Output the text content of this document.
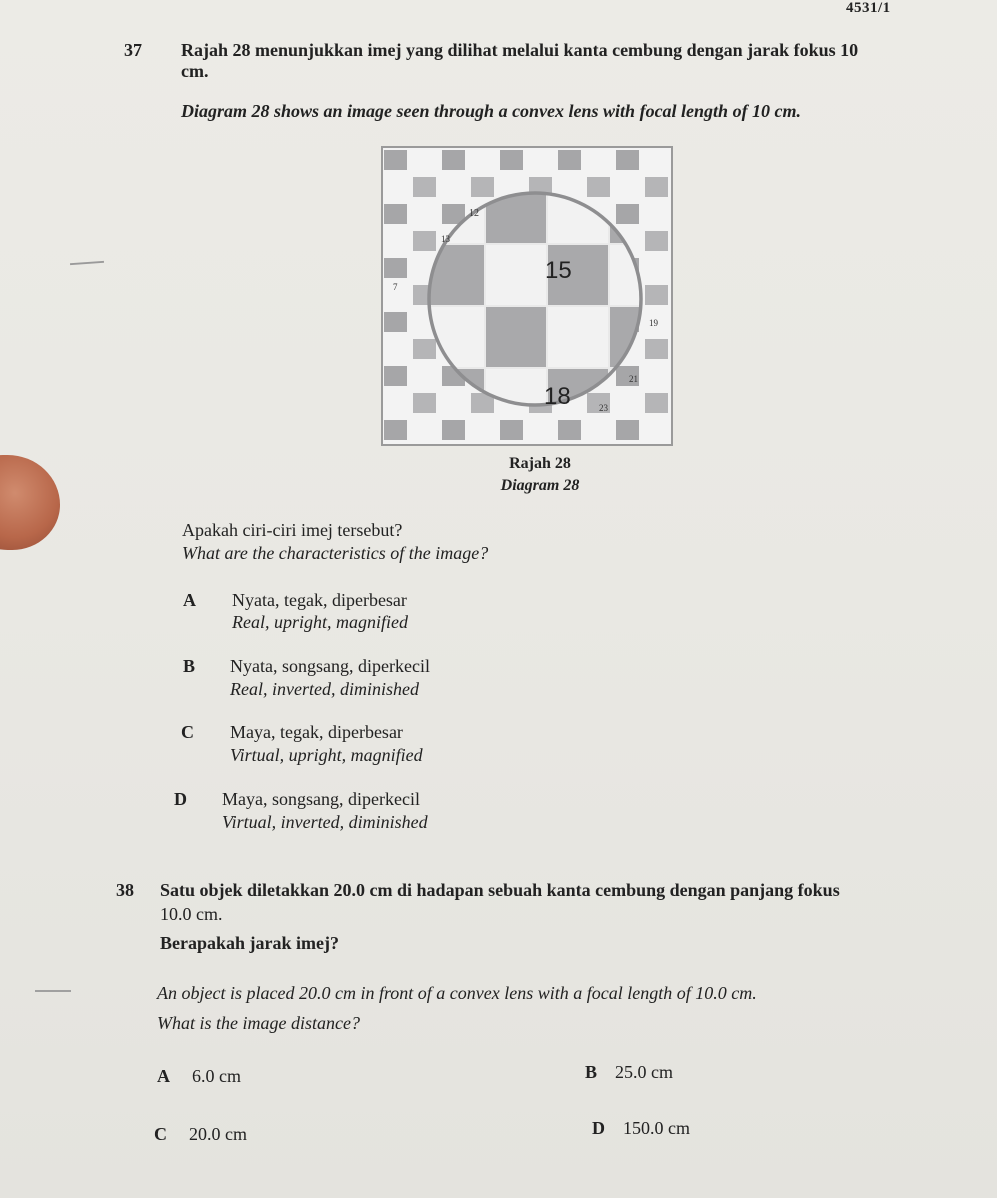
4531/1
37 Rajah 28 menunjukkan imej yang dilihat melalui kanta cembung dengan jarak fokus 10
cm.
Diagram 28 shows an image seen through a convex lens with focal length of 10 cm.
12
13
15
7
19
21
18	23
Rajah 28
Diagram 28
Apakah ciri-ciri imej tersebut?
What are the characteristics of the image?
A Nyata, tegak, diperbesar
Real, upright, magnified
B Nyata, songsang, diperkecil
Real, inverted, diminished
C Maya, tegak, diperbesar
Virtual, upright, magnified
D Maya, songsang, diperkecil
Virtual, inverted, diminished
38 Satu objek diletakkan 20.0 cm di hadapan sebuah kanta cembung dengan panjang fokus
10.0 cm.
Berapakah jarak imej?
An object is placed 20.0 cm in front of a convex lens with a focal length of 10.0 cm.
What is the image distance?
A 6.0 cm	B 25.0 cm
C 20.0 cm	D 150.0 cm
